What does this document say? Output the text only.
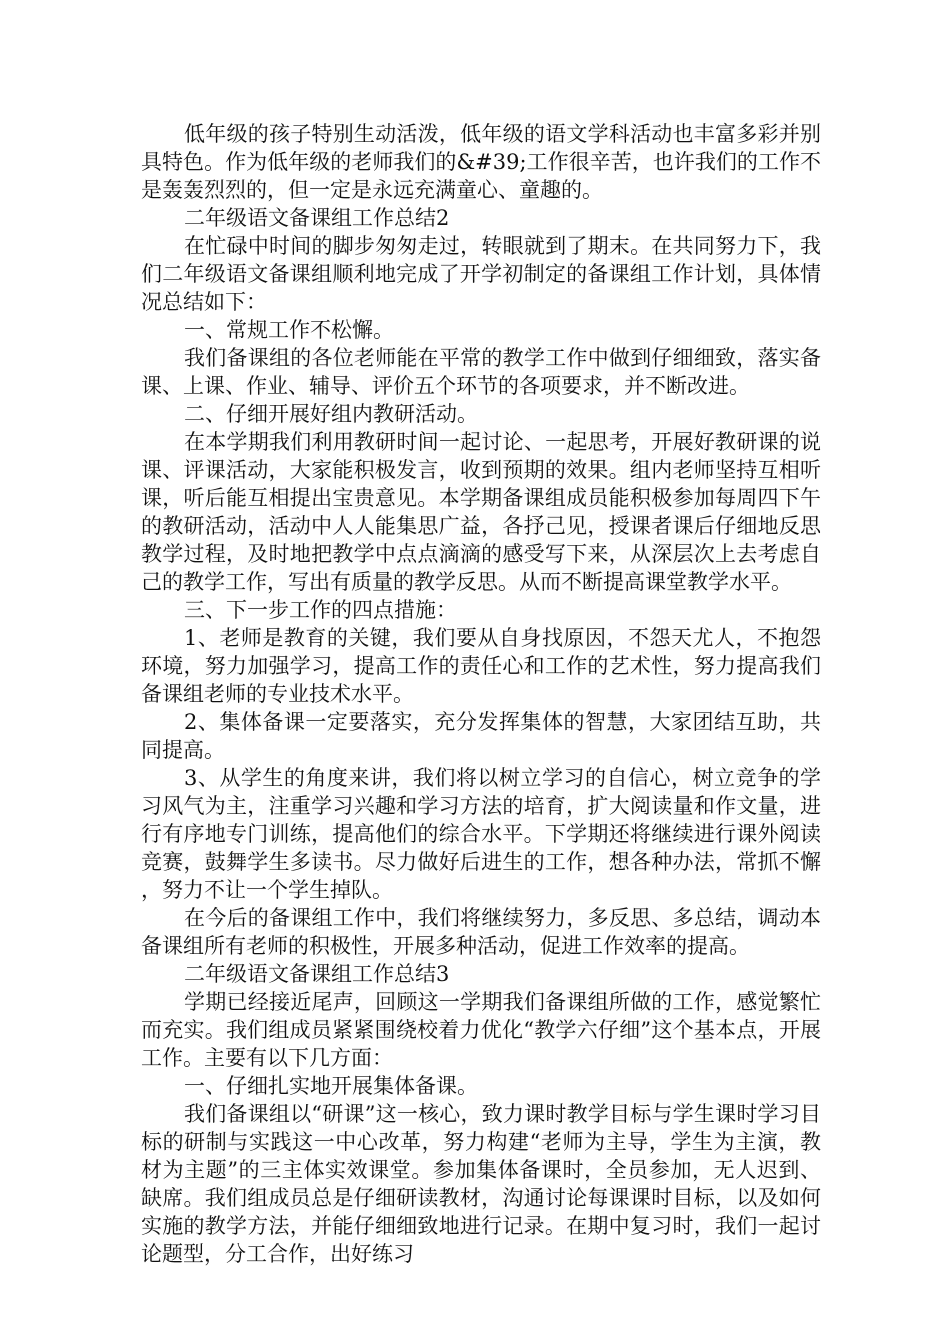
低年级的孩子特别生动活泼，低年级的语文学科活动也丰富多彩并别具特色。作为低年级的老师我们的&#39;工作很辛苦，也许我们的工作不是轰轰烈烈的，但一定是永远充满童心、童趣的。

二年级语文备课组工作总结2

在忙碌中时间的脚步匆匆走过，转眼就到了期末。在共同努力下，我们二年级语文备课组顺利地完成了开学初制定的备课组工作计划，具体情况总结如下：

一、常规工作不松懈。

我们备课组的各位老师能在平常的教学工作中做到仔细细致，落实备课、上课、作业、辅导、评价五个环节的各项要求，并不断改进。

二、仔细开展好组内教研活动。

在本学期我们利用教研时间一起讨论、一起思考，开展好教研课的说课、评课活动，大家能积极发言，收到预期的效果。组内老师坚持互相听课，听后能互相提出宝贵意见。本学期备课组成员能积极参加每周四下午的教研活动，活动中人人能集思广益，各抒己见，授课者课后仔细地反思教学过程，及时地把教学中点点滴滴的感受写下来，从深层次上去考虑自己的教学工作，写出有质量的教学反思。从而不断提高课堂教学水平。

三、下一步工作的四点措施：

1、老师是教育的关键，我们要从自身找原因，不怨天尤人，不抱怨环境，努力加强学习，提高工作的责任心和工作的艺术性，努力提高我们备课组老师的专业技术水平。

2、集体备课一定要落实，充分发挥集体的智慧，大家团结互助，共同提高。

3、从学生的角度来讲，我们将以树立学习的自信心，树立竞争的学习风气为主，注重学习兴趣和学习方法的培育，扩大阅读量和作文量，进行有序地专门训练，提高他们的综合水平。下学期还将继续进行课外阅读竞赛，鼓舞学生多读书。尽力做好后进生的工作，想各种办法，常抓不懈，努力不让一个学生掉队。

在今后的备课组工作中，我们将继续努力，多反思、多总结，调动本备课组所有老师的积极性，开展多种活动，促进工作效率的提高。

二年级语文备课组工作总结3

学期已经接近尾声，回顾这一学期我们备课组所做的工作，感觉繁忙而充实。我们组成员紧紧围绕校着力优化“教学六仔细”这个基本点，开展工作。主要有以下几方面：

一、仔细扎实地开展集体备课。

我们备课组以“研课”这一核心，致力课时教学目标与学生课时学习目标的研制与实践这一中心改革，努力构建“老师为主导，学生为主演，教材为主题”的三主体实效课堂。参加集体备课时，全员参加，无人迟到、缺席。我们组成员总是仔细研读教材，沟通讨论每课课时目标，以及如何实施的教学方法，并能仔细细致地进行记录。在期中复习时，我们一起讨论题型，分工合作，出好练习
